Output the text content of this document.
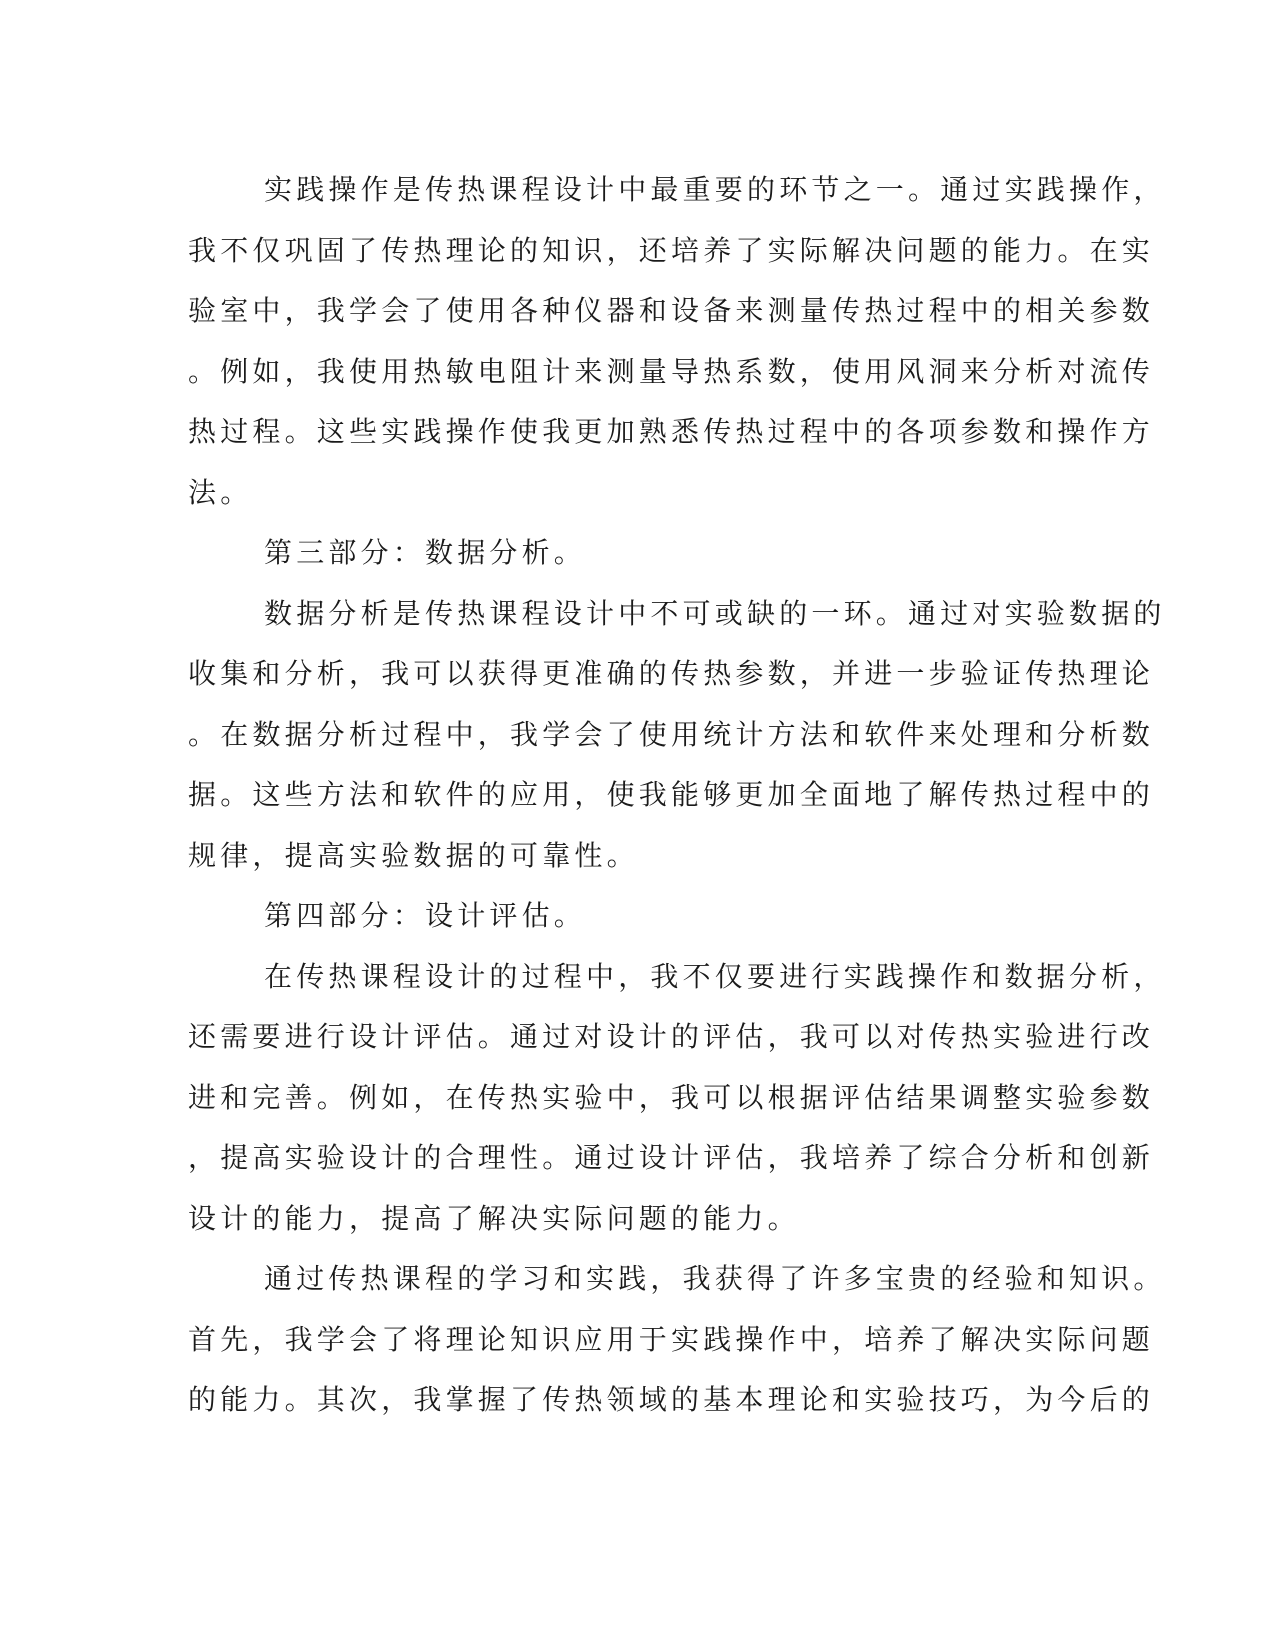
实践操作是传热课程设计中最重要的环节之一。通过实践操作，
我不仅巩固了传热理论的知识，还培养了实际解决问题的能力。在实
验室中，我学会了使用各种仪器和设备来测量传热过程中的相关参数
。例如，我使用热敏电阻计来测量导热系数，使用风洞来分析对流传
热过程。这些实践操作使我更加熟悉传热过程中的各项参数和操作方
法。
第三部分：数据分析。
数据分析是传热课程设计中不可或缺的一环。通过对实验数据的
收集和分析，我可以获得更准确的传热参数，并进一步验证传热理论
。在数据分析过程中，我学会了使用统计方法和软件来处理和分析数
据。这些方法和软件的应用，使我能够更加全面地了解传热过程中的
规律，提高实验数据的可靠性。
第四部分：设计评估。
在传热课程设计的过程中，我不仅要进行实践操作和数据分析，
还需要进行设计评估。通过对设计的评估，我可以对传热实验进行改
进和完善。例如，在传热实验中，我可以根据评估结果调整实验参数
，提高实验设计的合理性。通过设计评估，我培养了综合分析和创新
设计的能力，提高了解决实际问题的能力。
通过传热课程的学习和实践，我获得了许多宝贵的经验和知识。
首先，我学会了将理论知识应用于实践操作中，培养了解决实际问题
的能力。其次，我掌握了传热领域的基本理论和实验技巧，为今后的
